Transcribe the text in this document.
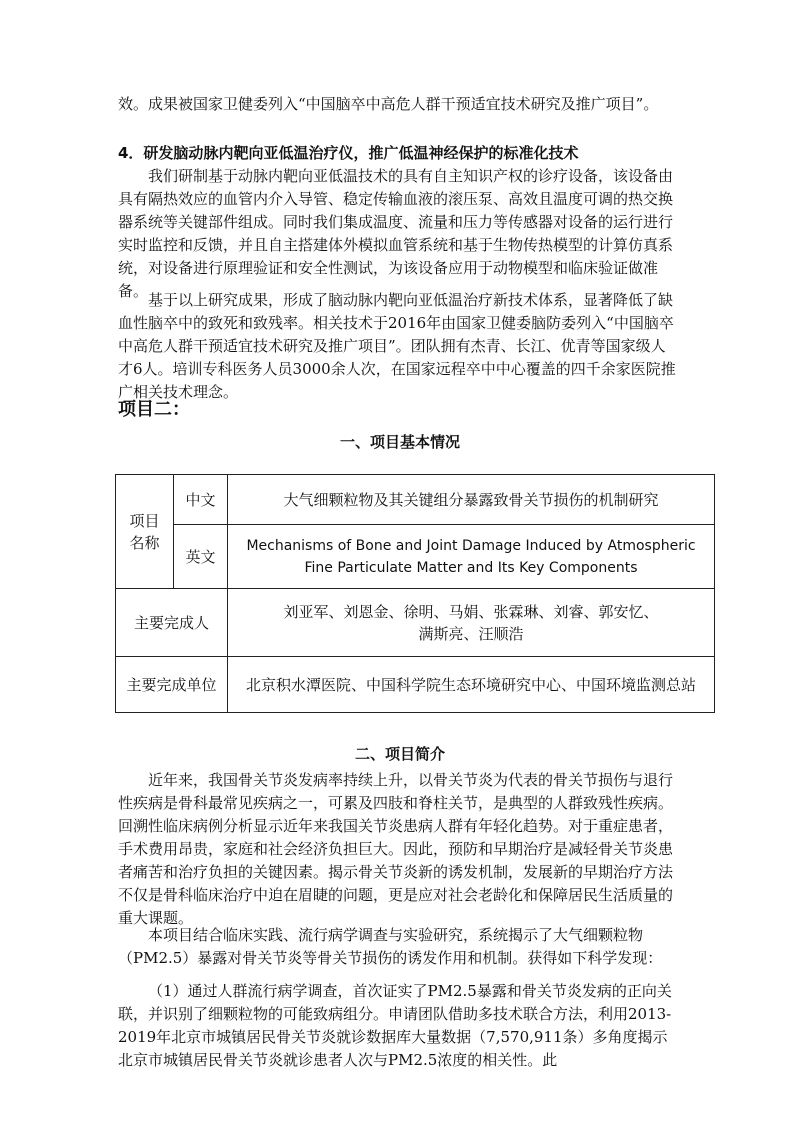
效。成果被国家卫健委列入“中国脑卒中高危人群干预适宜技术研究及推广项目”。

4．研发脑动脉内靶向亚低温治疗仪，推广低温神经保护的标准化技术

我们研制基于动脉内靶向亚低温技术的具有自主知识产权的诊疗设备，该设备由具有隔热效应的血管内介入导管、稳定传输血液的滚压泵、高效且温度可调的热交换器系统等关键部件组成。同时我们集成温度、流量和压力等传感器对设备的运行进行实时监控和反馈，并且自主搭建体外模拟血管系统和基于生物传热模型的计算仿真系统，对设备进行原理验证和安全性测试，为该设备应用于动物模型和临床验证做准备。 基于以上研究成果，形成了脑动脉内靶向亚低温治疗新技术体系，显著降低了缺血性脑卒中的致死和致残率。相关技术于2016年由国家卫健委脑防委列入“中国脑卒中高危人群干预适宜技术研究及推广项目”。团队拥有杰青、长江、优青等国家级人才6人。培训专科医务人员3000余人次，在国家远程卒中中心覆盖的四千余家医院推广相关技术理念。

项目二：

一、项目基本情况

项目名称	中文	大气细颗粒物及其关键组分暴露致骨关节损伤的机制研究
	英文	Mechanisms of Bone and Joint Damage Induced by Atmospheric
Fine Particulate Matter and Its Key Components

主要完成人		刘亚军、刘恩金、徐明、马娟、张霖琳、刘睿、郭安忆、
满斯亮、汪顺浩

主要完成单位		北京积水潭医院、中国科学院生态环境研究中心、中国环境监测总站

二、项目简介

近年来，我国骨关节炎发病率持续上升，以骨关节炎为代表的骨关节损伤与退行性疾病是骨科最常见疾病之一，可累及四肢和脊柱关节，是典型的人群致残性疾病。回溯性临床病例分析显示近年来我国关节炎患病人群有年轻化趋势。对于重症患者，手术费用昂贵，家庭和社会经济负担巨大。因此，预防和早期治疗是减轻骨关节炎患者痛苦和治疗负担的关键因素。揭示骨关节炎新的诱发机制，发展新的早期治疗方法不仅是骨科临床治疗中迫在眉睫的问题，更是应对社会老龄化和保障居民生活质量的重大课题。

本项目结合临床实践、流行病学调查与实验研究，系统揭示了大气细颗粒物（PM2.5）暴露对骨关节炎等骨关节损伤的诱发作用和机制。获得如下科学发现：

（1）通过人群流行病学调查，首次证实了PM2.5暴露和骨关节炎发病的正向关联，并识别了细颗粒物的可能致病组分。申请团队借助多技术联合方法，利用2013-2019年北京市城镇居民骨关节炎就诊数据库大量数据（7,570,911条）多角度揭示北京市城镇居民骨关节炎就诊患者人次与PM2.5浓度的相关性。此
